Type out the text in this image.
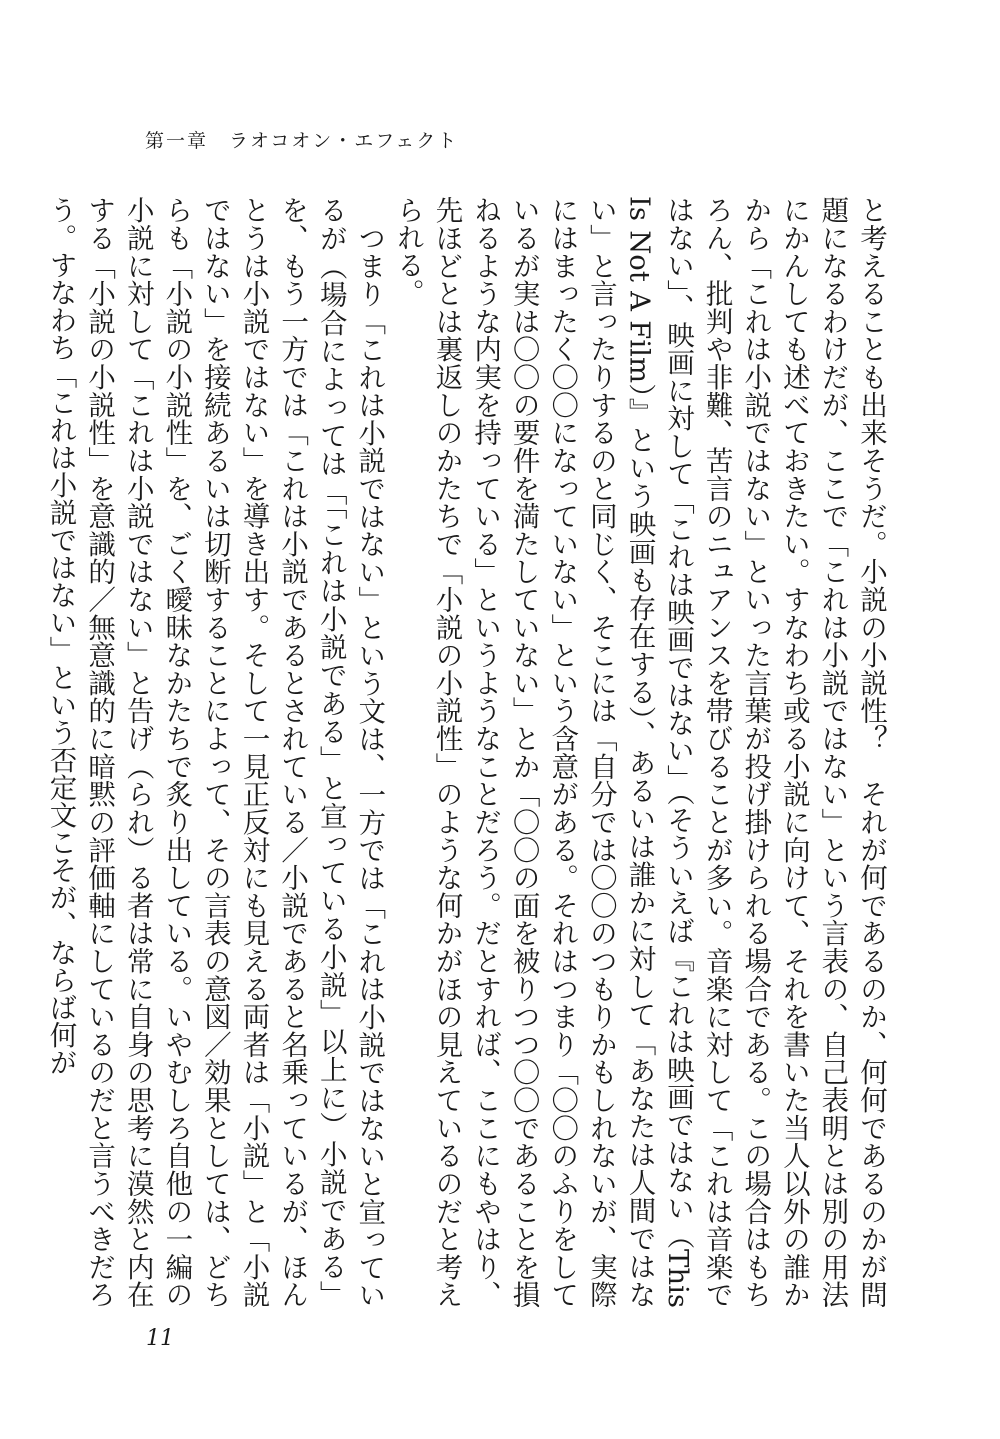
第一章　ラオコオン・エフェクト

と考えることも出来そうだ。小説の小説性？　それが何であるのか、何何であるのかが問題になるわけだが、ここで「これは小説ではない」という言表の、自己表明とは別の用法にかんしても述べておきたい。すなわち或る小説に向けて、それを書いた当人以外の誰かから「これは小説ではない」といった言葉が投げ掛けられる場合である。この場合はもちろん、批判や非難、苦言のニュアンスを帯びることが多い。音楽に対して「これは音楽ではない」、映画に対して「これは映画ではない」（そういえば『これは映画ではない（This Is Not A Film）』という映画も存在する）、あるいは誰かに対して「あなたは人間ではない」と言ったりするのと同じく、そこには「自分では〇〇のつもりかもしれないが、実際にはまったく〇〇になっていない」という含意がある。それはつまり「〇〇のふりをしているが実は〇〇の要件を満たしていない」とか「〇〇の面を被りつつ〇〇であることを損ねるような内実を持っている」というようなことだろう。だとすれば、ここにもやはり、先ほどとは裏返しのかたちで「小説の小説性」のような何かがほの見えているのだと考えられる。

つまり「これは小説ではない」という文は、一方では「これは小説ではないと宣っているが（場合によっては「「これは小説である」と宣っている小説」以上に）小説である」を、もう一方では「これは小説であるとされている／小説であると名乗っているが、ほんとうは小説ではない」を導き出す。そして一見正反対にも見える両者は「小説」と「小説ではない」を接続あるいは切断することによって、その言表の意図／効果としては、どちらも「小説の小説性」を、ごく曖昧なかたちで炙り出している。いやむしろ自他の一編の小説に対して「これは小説ではない」と告げ（られ）る者は常に自身の思考に漠然と内在する「小説の小説性」を意識的／無意識的に暗黙の評価軸にしているのだと言うべきだろう。すなわち「これは小説ではない」という否定文こそが、ならば何が

11
